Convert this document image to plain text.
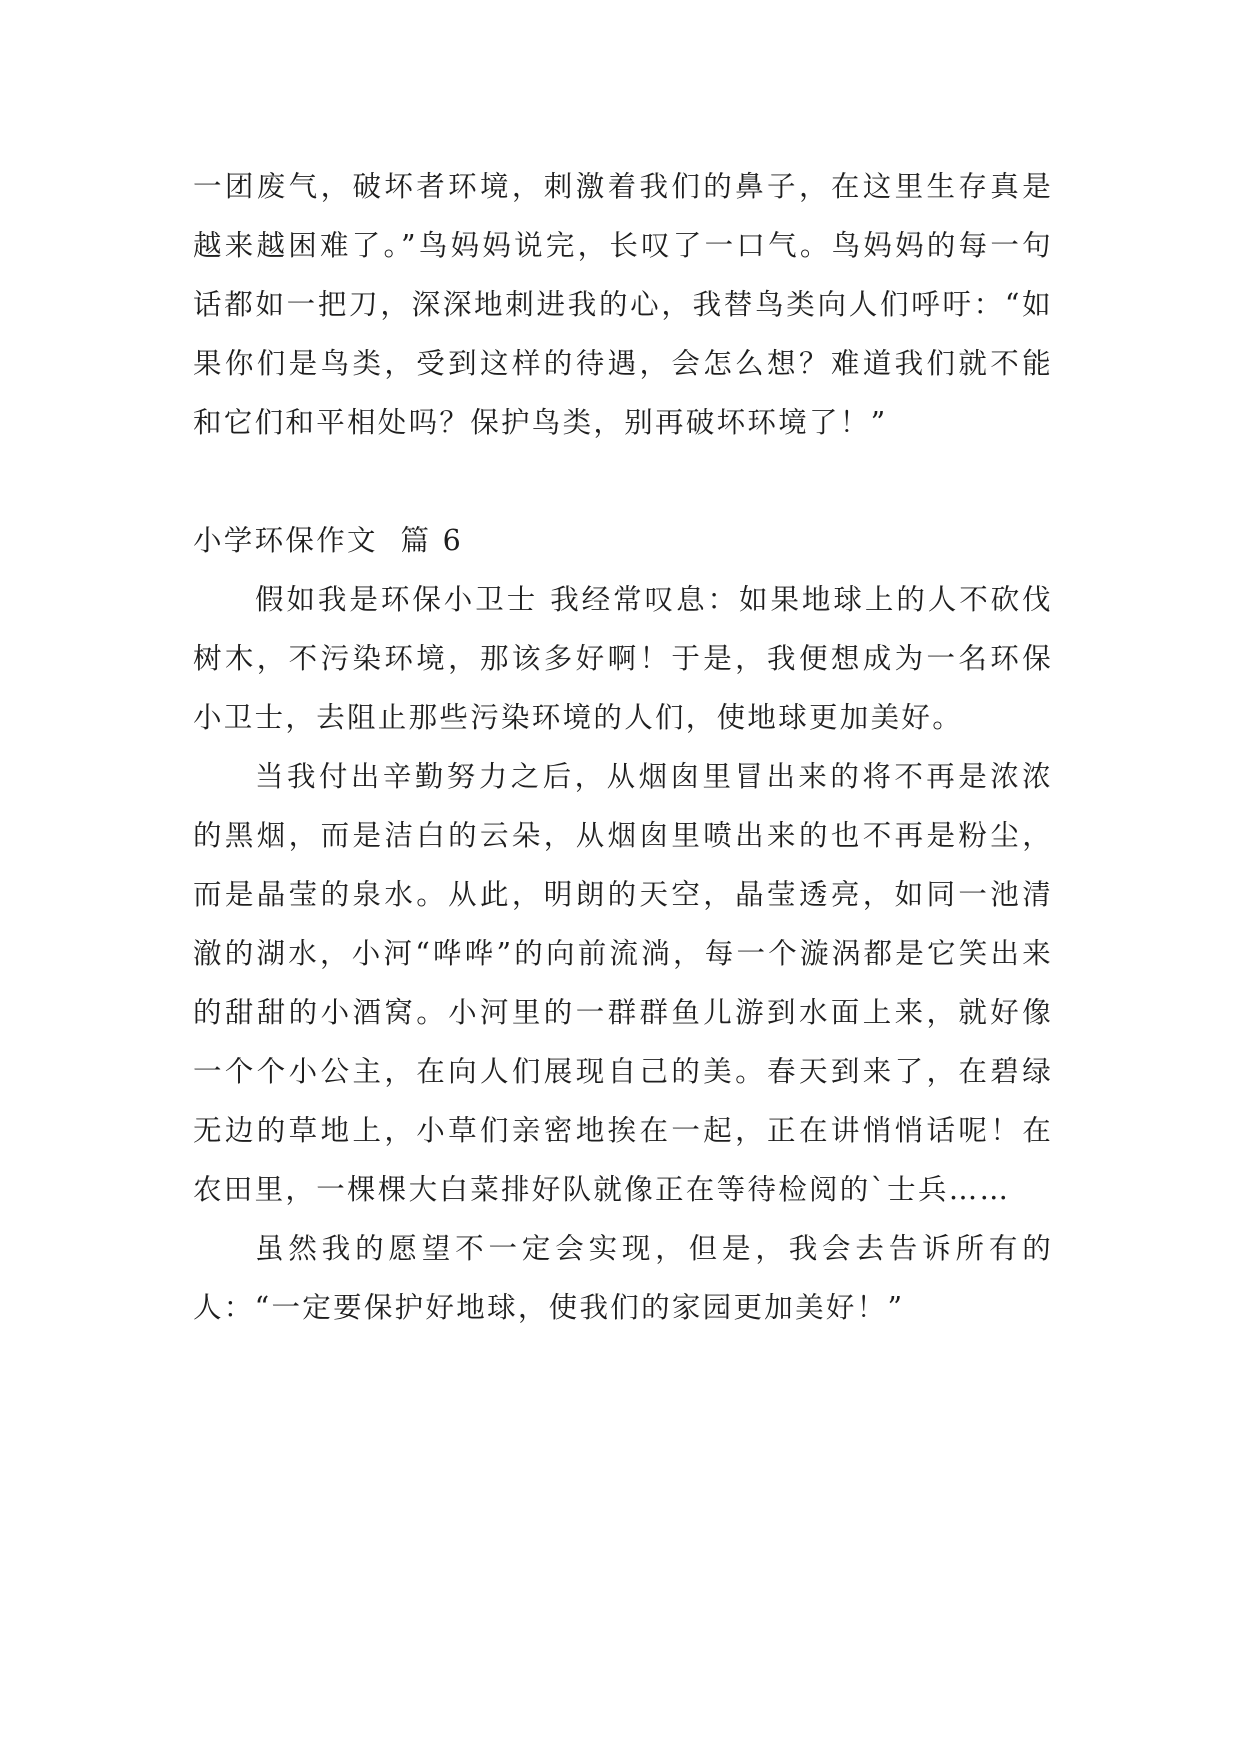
一团废气，破坏者环境，刺激着我们的鼻子，在这里生存真是越来越困难了。”鸟妈妈说完，长叹了一口气。鸟妈妈的每一句话都如一把刀，深深地刺进我的心，我替鸟类向人们呼吁：“如果你们是鸟类，受到这样的待遇，会怎么想？难道我们就不能和它们和平相处吗？保护鸟类，别再破坏环境了！”

小学环保作文  篇 6

假如我是环保小卫士 我经常叹息：如果地球上的人不砍伐树木，不污染环境，那该多好啊！于是，我便想成为一名环保小卫士，去阻止那些污染环境的人们，使地球更加美好。

当我付出辛勤努力之后，从烟囱里冒出来的将不再是浓浓的黑烟，而是洁白的云朵，从烟囱里喷出来的也不再是粉尘，而是晶莹的泉水。从此，明朗的天空，晶莹透亮，如同一池清澈的湖水，小河“哗哗”的向前流淌，每一个漩涡都是它笑出来的甜甜的小酒窝。小河里的一群群鱼儿游到水面上来，就好像一个个小公主，在向人们展现自己的美。春天到来了，在碧绿无边的草地上，小草们亲密地挨在一起，正在讲悄悄话呢！在农田里，一棵棵大白菜排好队就像正在等待检阅的`士兵……

虽然我的愿望不一定会实现，但是，我会去告诉所有的人：“一定要保护好地球，使我们的家园更加美好！”
